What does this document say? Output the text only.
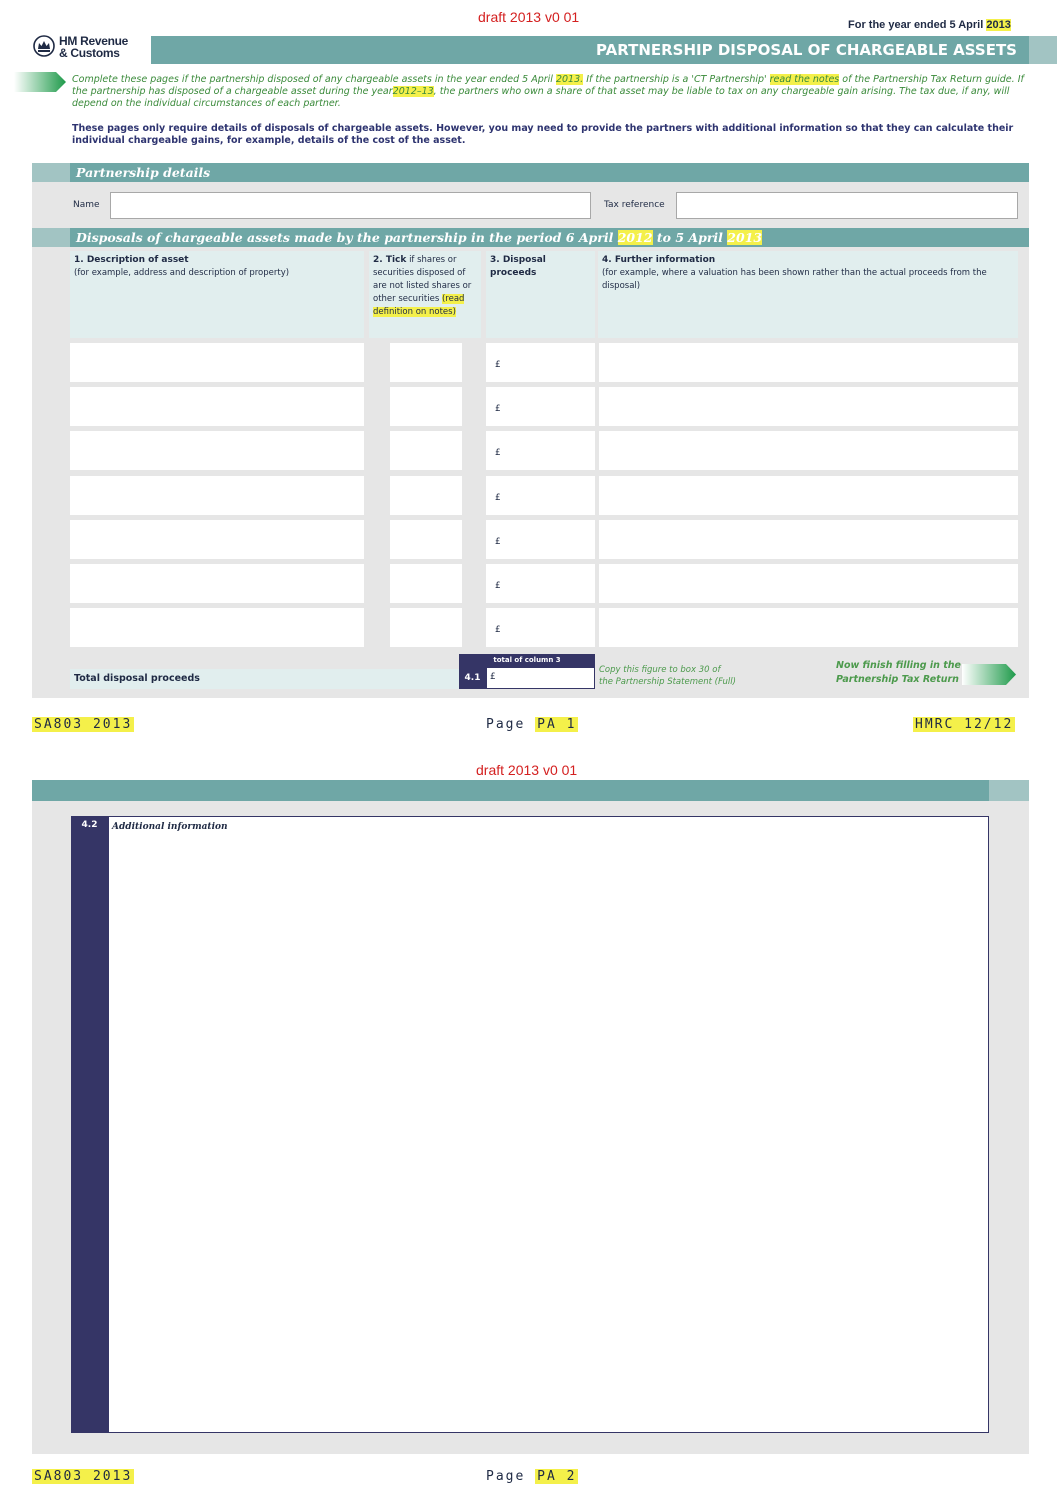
draft 2013 v0 01	For the year ended 5 April 2013
HM Revenue
& Customs	PARTNERSHIP DISPOSAL OF CHARGEABLE ASSETS
Complete these pages if the partnership disposed of any chargeable assets in the year ended 5 April 2013. If the partnership is a 'CT Partnership' read the notes of the Partnership Tax Return guide. If the partnership has disposed of a chargeable asset during the year2012–13, the partners who own a share of that asset may be liable to tax on any chargeable gain arising. The tax due, if any, will depend on the individual circumstances of each partner.
These pages only require details of disposals of chargeable assets. However, you may need to provide the partners with additional information so that they can calculate their individual chargeable gains, for example, details of the cost of the asset.
Partnership details
Name	Tax reference
Disposals of chargeable assets made by the partnership in the period 6 April 2012 to 5 April 2013
1. Description of asset
(for example, address and description of property)
2. Tick if shares or securities disposed of are not listed shares or other securities (read definition on notes)
3. Disposal proceeds
4. Further information
(for example, where a valuation has been shown rather than the actual proceeds from the disposal)
£
£
£
£
£
£
£
Total disposal proceeds
total of column 3
4.1	£
Copy this figure to box 30 of
the Partnership Statement (Full)
Now finish filling in the
Partnership Tax Return
SA803 2013	Page PA 1	HMRC 12/12
draft 2013 v0 01
4.2	Additional information
SA803 2013	Page PA 2
